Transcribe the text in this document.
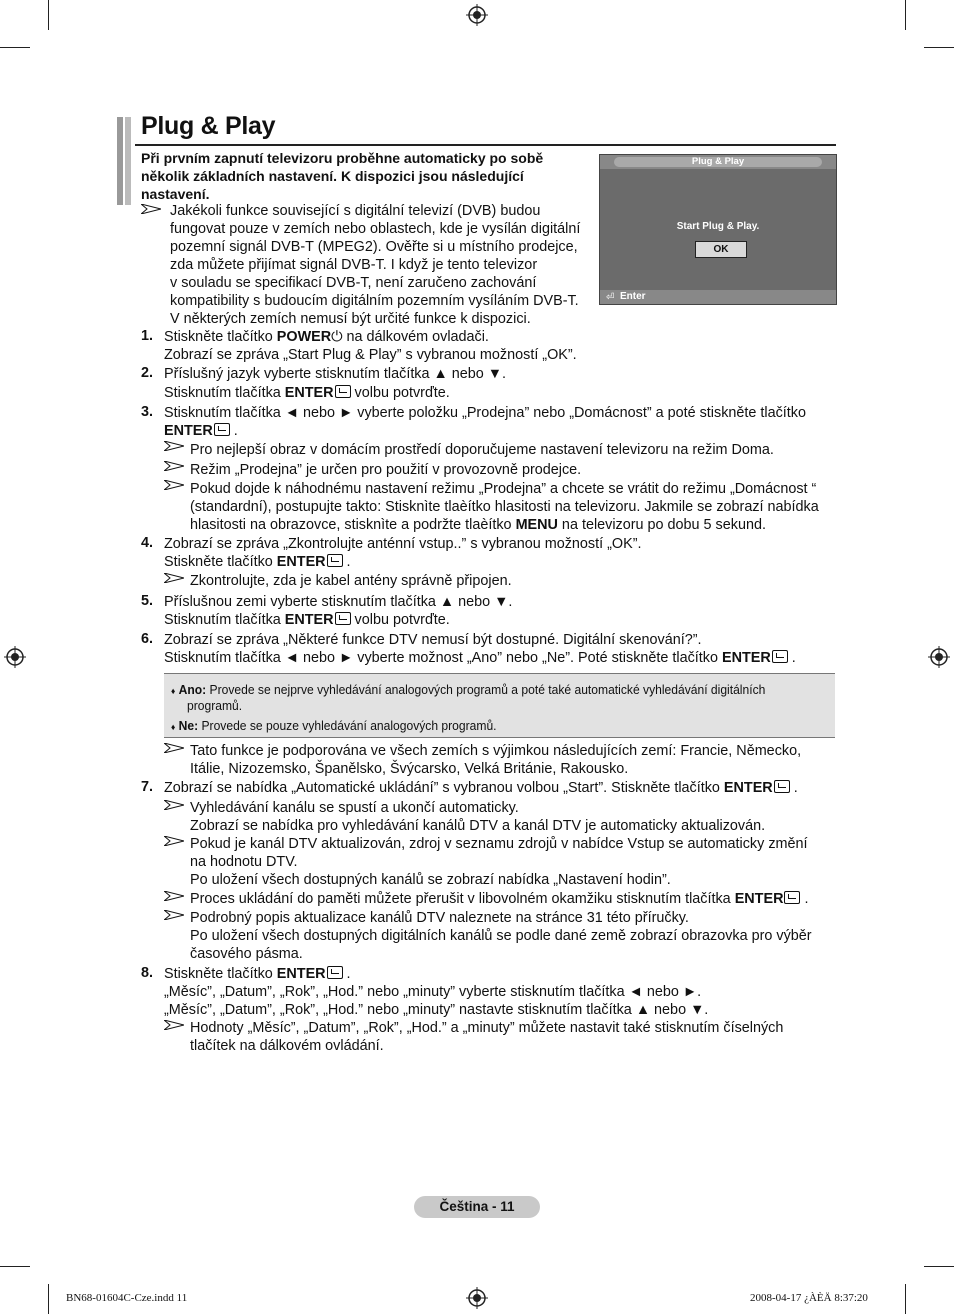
Plug & Play
Při prvním zapnutí televizoru proběhne automaticky po sobě několik základních nastavení. K dispozici jsou následující nastavení.
Jakékoli funkce související s digitální televizí (DVB) budou
fungovat pouze v zemích nebo oblastech, kde je vysílán digitální
pozemní signál DVB-T (MPEG2). Ověřte si u místního prodejce,
zda můžete přijímat signál DVB-T. I když je tento televizor
v souladu se specifikací DVB-T, není zaručeno zachování
kompatibility s budoucím digitálním pozemním vysíláním DVB-T.
V některých zemích nemusí být určité funkce k dispozici.
Plug & Play
Start Plug & Play.
OK
⏎ Enter
1. Stiskněte tlačítko POWER⏻ na dálkovém ovladači.
Zobrazí se zpráva „Start Plug & Play” s vybranou možností „OK”.
2. Příslušný jazyk vyberte stisknutím tlačítka ▲ nebo ▼.
Stisknutím tlačítka ENTER volbu potvrďte.
3. Stisknutím tlačítka ◄ nebo ► vyberte položku „Prodejna” nebo „Domácnost” a poté stiskněte tlačítko
ENTER .
Pro nejlepší obraz v domácím prostředí doporučujeme nastavení televizoru na režim Doma.
Režim „Prodejna” je určen pro použití v provozovně prodejce.
Pokud dojde k náhodnému nastavení režimu „Prodejna” a chcete se vrátit do režimu „Domácnost “
(standardní), postupujte takto: Stisknìte tlaèítko hlasitosti na televizoru. Jakmile se zobrazí nabídka
hlasitosti na obrazovce, stisknìte a podržte tlaèítko MENU na televizoru po dobu 5 sekund.
4. Zobrazí se zpráva „Zkontrolujte anténní vstup..” s vybranou možností „OK”.
Stiskněte tlačítko ENTER .
Zkontrolujte, zda je kabel antény správně připojen.
5. Příslušnou zemi vyberte stisknutím tlačítka ▲ nebo ▼.
Stisknutím tlačítka ENTER volbu potvrďte.
6. Zobrazí se zpráva „Některé funkce DTV nemusí být dostupné. Digitální skenování?”.
Stisknutím tlačítka ◄ nebo ► vyberte možnost „Ano” nebo „Ne”. Poté stiskněte tlačítko ENTER .
♦ Ano: Provede se nejprve vyhledávání analogových programů a poté také automatické vyhledávání digitálních
programů.
♦ Ne: Provede se pouze vyhledávání analogových programů.
Tato funkce je podporována ve všech zemích s výjimkou následujících zemí: Francie, Německo,
Itálie, Nizozemsko, Španělsko, Švýcarsko, Velká Británie, Rakousko.
7. Zobrazí se nabídka „Automatické ukládání” s vybranou volbou „Start”. Stiskněte tlačítko ENTER .
Vyhledávání kanálu se spustí a ukončí automaticky.
Zobrazí se nabídka pro vyhledávání kanálů DTV a kanál DTV je automaticky aktualizován.
Pokud je kanál DTV aktualizován, zdroj v seznamu zdrojů v nabídce Vstup se automaticky změní
na hodnotu DTV.
Po uložení všech dostupných kanálů se zobrazí nabídka „Nastavení hodin”.
Proces ukládání do paměti můžete přerušit v libovolném okamžiku stisknutím tlačítka ENTER .
Podrobný popis aktualizace kanálů DTV naleznete na stránce 31 této příručky.
Po uložení všech dostupných digitálních kanálů se podle dané země zobrazí obrazovka pro výběr
časového pásma.
8. Stiskněte tlačítko ENTER .
„Měsíc”, „Datum”, „Rok”, „Hod.” nebo „minuty” vyberte stisknutím tlačítka ◄ nebo ►.
„Měsíc”, „Datum”, „Rok”, „Hod.” nebo „minuty” nastavte stisknutím tlačítka ▲ nebo ▼.
Hodnoty „Měsíc”, „Datum”, „Rok”, „Hod.” a „minuty” můžete nastavit také stisknutím číselných
tlačítek na dálkovém ovládání.
Čeština - 11
BN68-01604C-Cze.indd 11	2008-04-17 ¿ÀÈÄ 8:37:20
